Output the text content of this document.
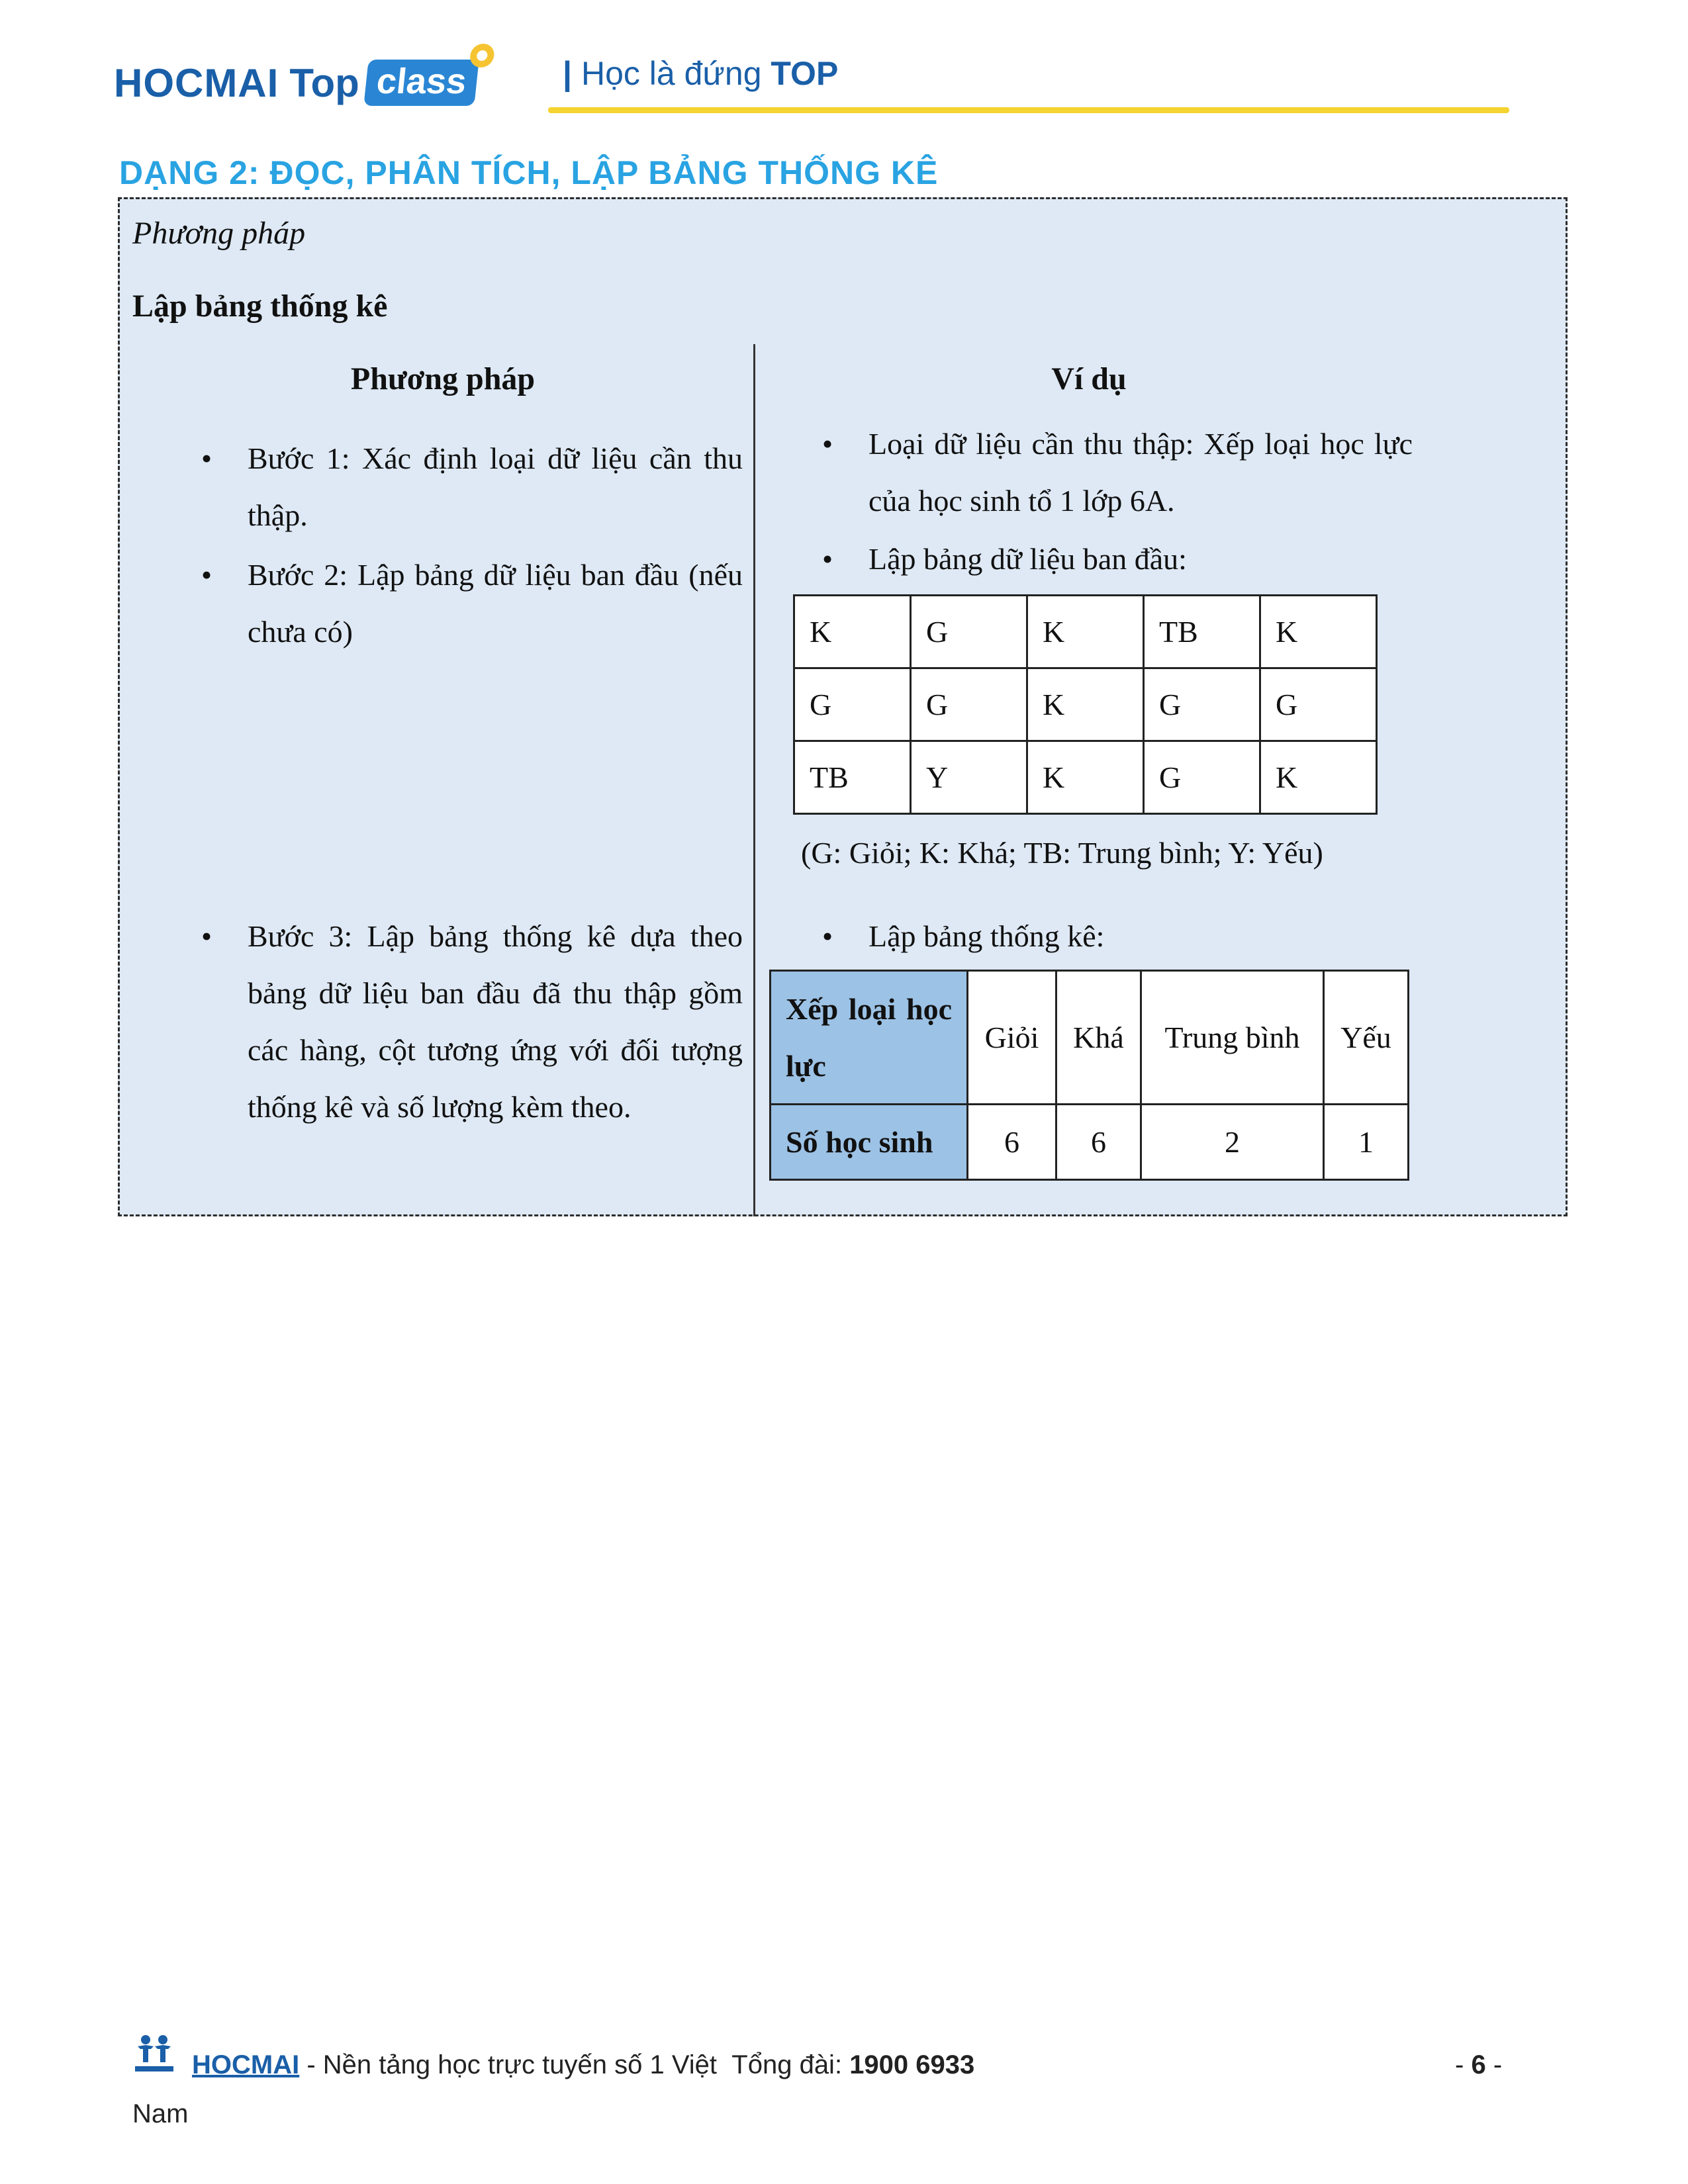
HOCMAI Top class	| Học là đứng TOP
DẠNG 2: ĐỌC, PHÂN TÍCH, LẬP BẢNG THỐNG KÊ
Phương pháp
Lập bảng thống kê
Phương pháp	Ví dụ
• Bước 1: Xác định loại dữ liệu cần thu thập.
• Bước 2: Lập bảng dữ liệu ban đầu (nếu chưa có)
• Bước 3: Lập bảng thống kê dựa theo bảng dữ liệu ban đầu đã thu thập gồm các hàng, cột tương ứng với đối tượng thống kê và số lượng kèm theo.
• Loại dữ liệu cần thu thập: Xếp loại học lực của học sinh tổ 1 lớp 6A.
• Lập bảng dữ liệu ban đầu:
K	G	K	TB	K
G	G	K	G	G
TB	Y	K	G	K
(G: Giỏi; K: Khá; TB: Trung bình; Y: Yếu)
• Lập bảng thống kê:
Xếp loại học lực	Giỏi	Khá	Trung bình	Yếu
Số học sinh	6	6	2	1
HOCMAI - Nền tảng học trực tuyến số 1 Việt Tổng đài: 1900 6933
Nam
- 6 -
